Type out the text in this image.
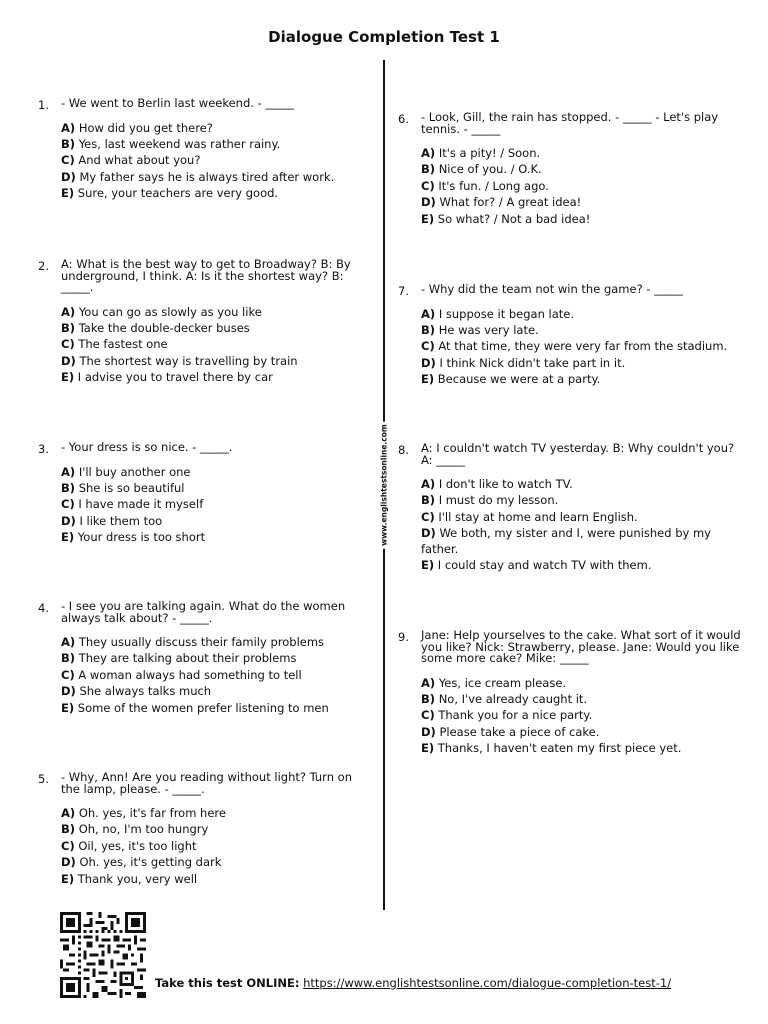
Dialogue Completion Test 1
www.englishtestsonline.com
1. - We went to Berlin last weekend. - _____
A) How did you get there?
B) Yes, last weekend was rather rainy.
C) And what about you?
D) My father says he is always tired after work.
E) Sure, your teachers are very good.
2. A: What is the best way to get to Broadway? B: By underground, I think. A: Is it the shortest way? B: _____.
A) You can go as slowly as you like
B) Take the double-decker buses
C) The fastest one
D) The shortest way is travelling by train
E) I advise you to travel there by car
3. - Your dress is so nice. - _____.
A) I'll buy another one
B) She is so beautiful
C) I have made it myself
D) I like them too
E) Your dress is too short
4. - I see you are talking again. What do the women always talk about? - _____.
A) They usually discuss their family problems
B) They are talking about their problems
C) A woman always had something to tell
D) She always talks much
E) Some of the women prefer listening to men
5. - Why, Ann! Are you reading without light? Turn on the lamp, please. - _____.
A) Oh. yes, it's far from here
B) Oh, no, I'm too hungry
C) Oil, yes, it's too light
D) Oh. yes, it's getting dark
E) Thank you, very well
6. - Look, Gill, the rain has stopped. - _____ - Let's play tennis. - _____
A) It's a pity! / Soon.
B) Nice of you. / O.K.
C) It's fun. / Long ago.
D) What for? / A great idea!
E) So what? / Not a bad idea!
7. - Why did the team not win the game? - _____
A) I suppose it began late.
B) He was very late.
C) At that time, they were very far from the stadium.
D) I think Nick didn't take part in it.
E) Because we were at a party.
8. A: I couldn't watch TV yesterday. B: Why couldn't you? A: _____
A) I don't like to watch TV.
B) I must do my lesson.
C) I'll stay at home and learn English.
D) We both, my sister and I, were punished by my father.
E) I could stay and watch TV with them.
9. Jane: Help yourselves to the cake. What sort of it would you like? Nick: Strawberry, please. Jane: Would you like some more cake? Mike: _____
A) Yes, ice cream please.
B) No, I've already caught it.
C) Thank you for a nice party.
D) Please take a piece of cake.
E) Thanks, I haven't eaten my first piece yet.
Take this test ONLINE: https://www.englishtestsonline.com/dialogue-completion-test-1/
